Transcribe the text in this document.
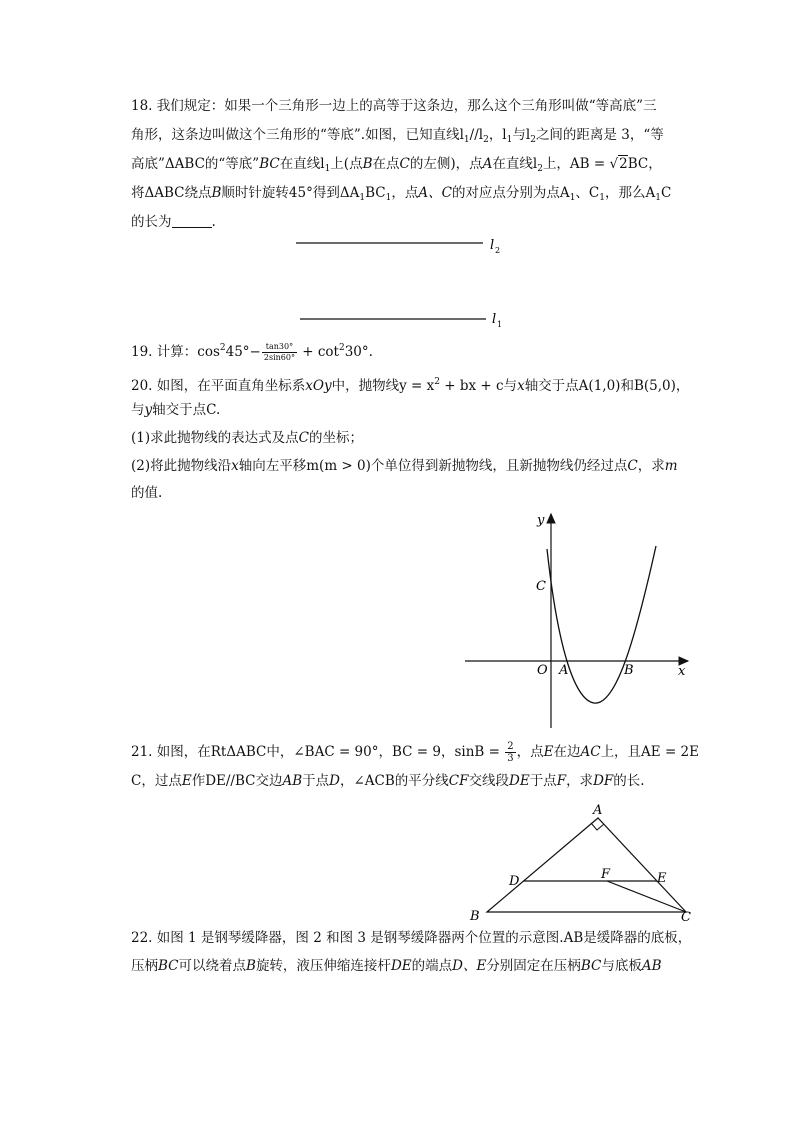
18. 我们规定：如果一个三角形一边上的高等于这条边，那么这个三角形叫做“等高底”三
角形，这条边叫做这个三角形的“等底”.如图，已知直线$l_1//l_2$，$l_1$与$l_2$之间的距离是 3，“等
高底”ΔABC的“等底”BC在直线$l_1$上(点B在点C的左侧)，点A在直线$l_2$上，AB = √2BC，
将ΔABC绕点B顺时针旋转45°得到$\Delta A_1BC_1$，点A、C的对应点分别为点$A_1$、$C_1$，那么$A_1C$
的长为	.
l 2
l 1
19. 计算：$\cos^245^\circ- \frac{\tan 30^\circ}{2\sin 60^\circ} + \cot^230^\circ$.
20. 如图，在平面直角坐标系xOy中，抛物线$y = x^2$ + bx + c与x轴交于点A(1,0)和B(5,0)，
与y轴交于点C.
(1)求此抛物线的表达式及点C的坐标；
(2)将此抛物线沿x轴向左平移m(m > 0)个单位得到新抛物线，且新抛物线仍经过点C，求m
的值.
y
x
O A	B
C
21. 如图，在RtΔABC中，∠BAC = 90°，BC = 9，$\sin B = \frac{2}{3}$ ，点E在边AC上，且AE = 2E
C，过点E作DE//BC交边AB于点D，∠ACB的平分线CF交线段DE于点F，求DF的长.
A
B	C
D	E
F
22. 如图 1 是钢琴缓降器，图 2 和图 3 是钢琴缓降器两个位置的示意图.AB是缓降器的底板，
压柄BC可以绕着点B旋转，液压伸缩连接杆DE的端点D、E分别固定在压柄BC与底板AB
